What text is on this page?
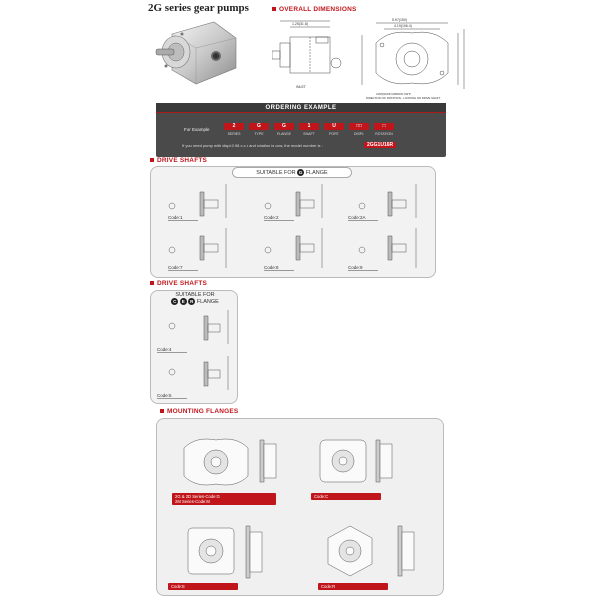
2G series gear pumps	OVERALL DIMENSIONS
1.25(31.8)
INLET
5.97(150)
4.19(106.4)
CW(R)/NON ARROW CW'F'
DIRECTION OF ROTATION - LOOKING ON DRIVE SHAFT
ORDERING EXAMPLE
For Example
2
SERIES
G
TYPE
G
FLANGE
1
SHAFT
U
PORT
□□
DISPL
□
ROTATION
If you need pump with displ.0.98 c.c.r and rotation is ccw, the model number is :	2GG1U16R
DRIVE SHAFTS
SUITABLE FOR G FLANGE
Code:1	Code:2	Code:2A
Code:7	Code:8	Code:9
DRIVE SHAFTS
SUITABLE FOR
C E R FLANGE
Code:4
Code:5
MOUNTING FLANGES
2G & 2D Series-Code:G
2M Series-Code:M
Code:C
Code:E	Code:R
